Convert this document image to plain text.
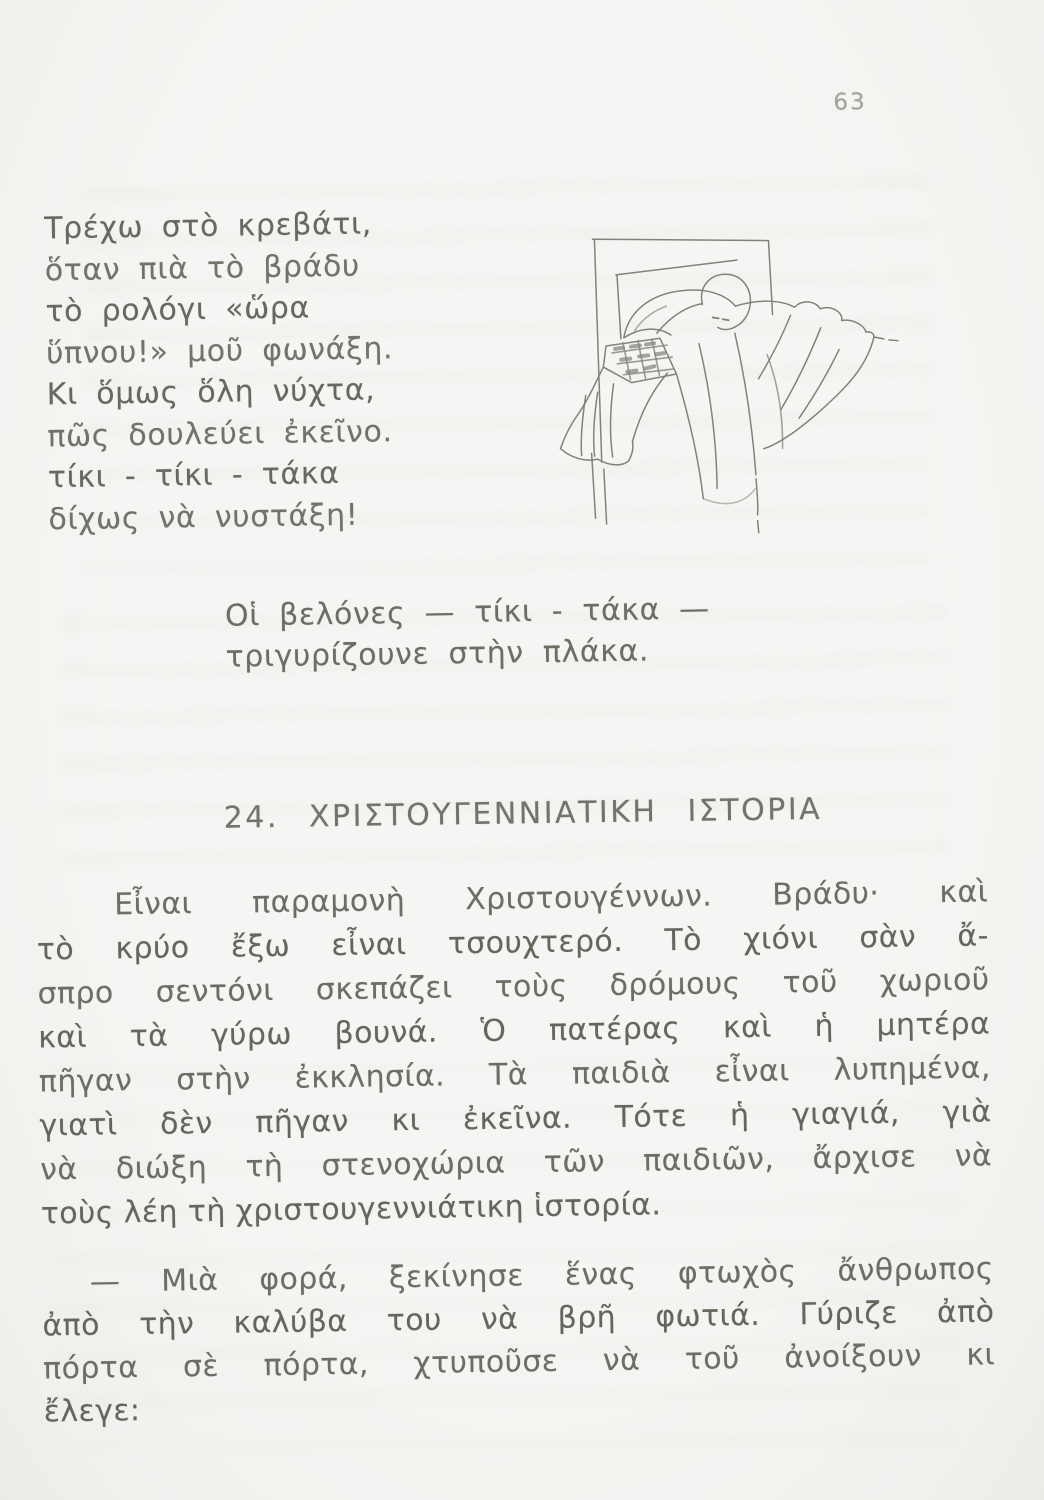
63
Τρέχω στὸ κρεβάτι,
ὅταν πιὰ τὸ βράδυ
τὸ ρολόγι «ὥρα
ὕπνου!» μοῦ φωνάξη.
Κι ὅμως ὅλη νύχτα,
πῶς δουλεύει ἐκεῖνο.
τίκι - τίκι - τάκα
δίχως νὰ νυστάξη!
Οἱ βελόνες — τίκι - τάκα —
τριγυρίζουνε στὴν πλάκα.
24. ΧΡΙΣΤΟΥΓΕΝΝΙΑΤΙΚΗ ΙΣΤΟΡΙΑ
Εἶναι παραμονὴ Χριστουγέννων. Βράδυ· καὶ
τὸ κρύο ἔξω εἶναι τσουχτερό. Τὸ χιόνι σὰν ἄ-
σπρο σεντόνι σκεπάζει τοὺς δρόμους τοῦ χωριοῦ
καὶ τὰ γύρω βουνά. Ὁ πατέρας καὶ ἡ μητέρα
πῆγαν στὴν ἐκκλησία. Τὰ παιδιὰ εἶναι λυπημένα,
γιατὶ δὲν πῆγαν κι ἐκεῖνα. Τότε ἡ γιαγιά, γιὰ
νὰ διώξη τὴ στενοχώρια τῶν παιδιῶν, ἄρχισε νὰ
τοὺς λέη τὴ χριστουγεννιάτικη ἱστορία.
— Μιὰ φορά, ξεκίνησε ἕνας φτωχὸς ἄνθρωπος
ἀπὸ τὴν καλύβα του νὰ βρῆ φωτιά. Γύριζε ἀπὸ
πόρτα σὲ πόρτα, χτυποῦσε νὰ τοῦ ἀνοίξουν κι
ἔλεγε:
